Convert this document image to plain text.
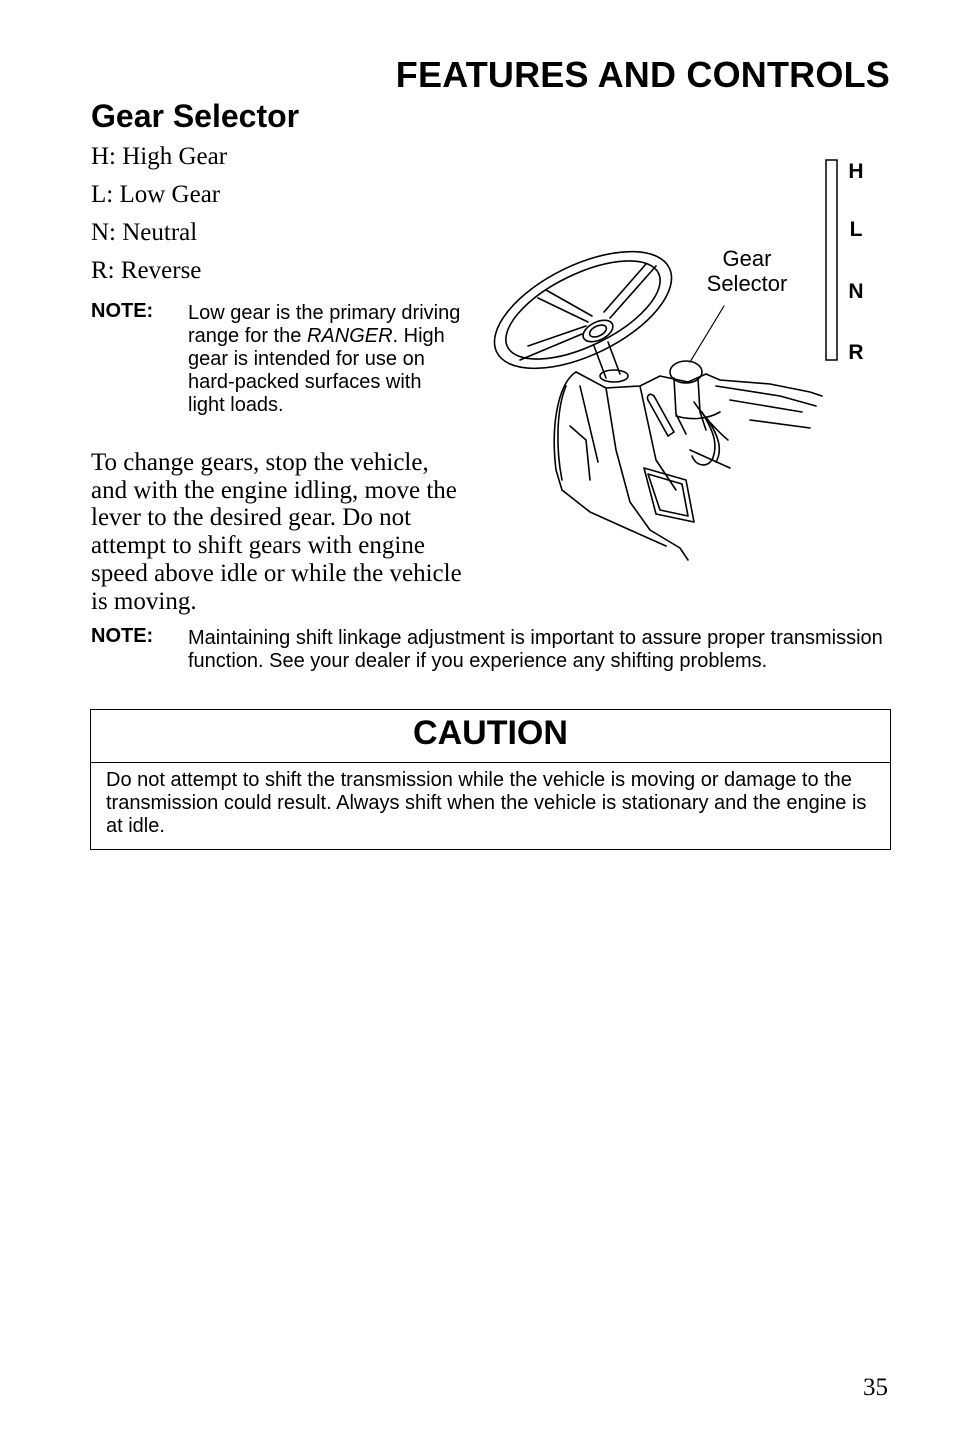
FEATURES AND CONTROLS
Gear Selector
H: High Gear
L: Low Gear
N: Neutral
R: Reverse
NOTE: Low gear is the primary driving range for the RANGER. High gear is intended for use on hard-packed surfaces with light loads.

To change gears, stop the vehicle, and with the engine idling, move the lever to the desired gear. Do not attempt to shift gears with engine speed above idle or while the vehicle is moving.

H
L
N
R
Gear
Selector
NOTE: Maintaining shift linkage adjustment is important to assure proper transmission function. See your dealer if you experience any shifting problems.
CAUTION
Do not attempt to shift the transmission while the vehicle is moving or damage to the transmission could result. Always shift when the vehicle is stationary and the engine is at idle.
35
